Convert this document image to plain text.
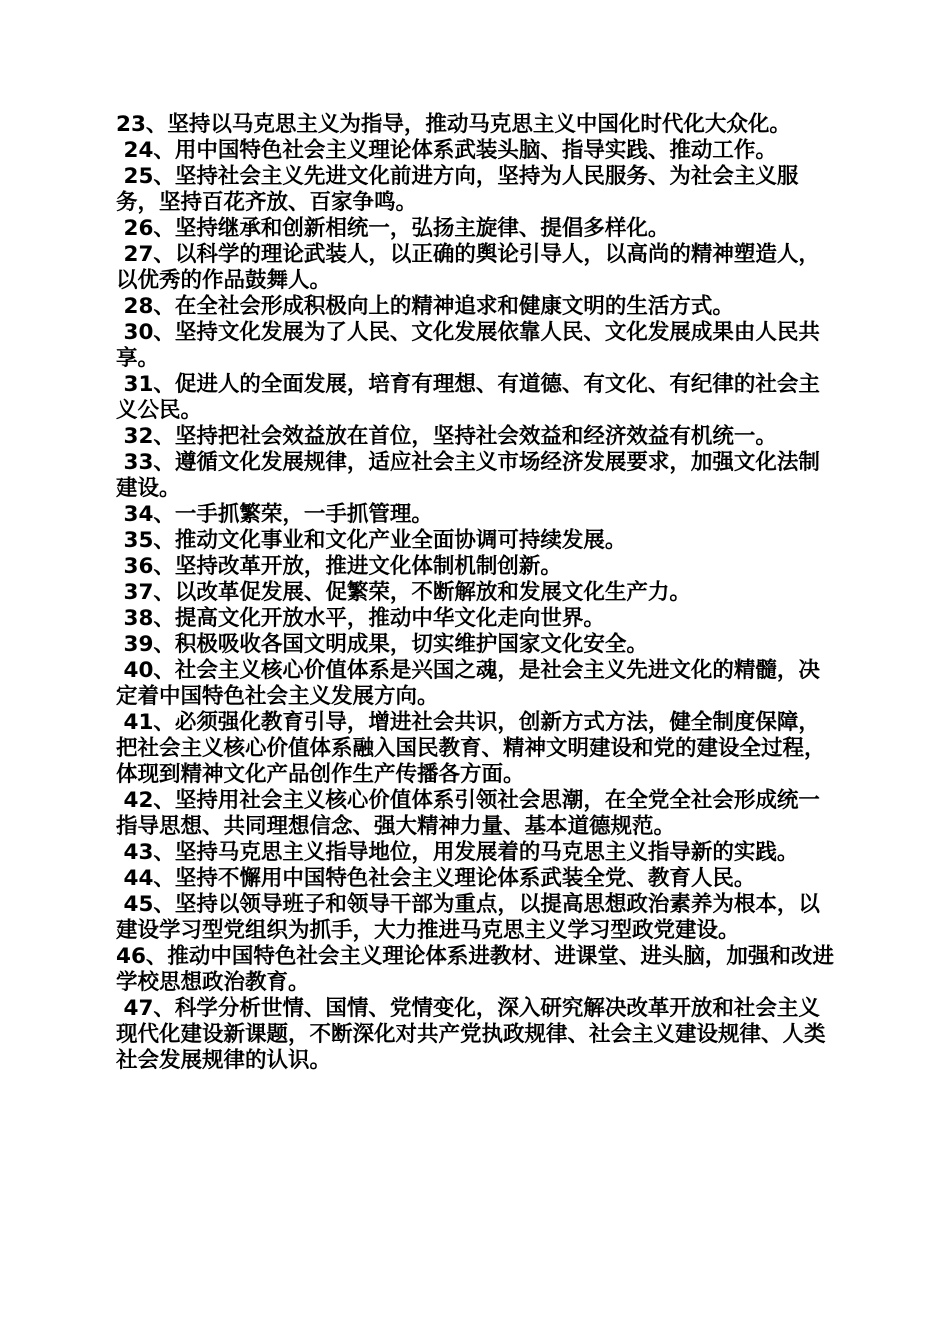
23、坚持以马克思主义为指导，推动马克思主义中国化时代化大众化。

24、用中国特色社会主义理论体系武装头脑、指导实践、推动工作。

25、坚持社会主义先进文化前进方向，坚持为人民服务、为社会主义服务，坚持百花齐放、百家争鸣。

26、坚持继承和创新相统一，弘扬主旋律、提倡多样化。

27、以科学的理论武装人，以正确的舆论引导人，以高尚的精神塑造人，以优秀的作品鼓舞人。

28、在全社会形成积极向上的精神追求和健康文明的生活方式。

30、坚持文化发展为了人民、文化发展依靠人民、文化发展成果由人民共享。

31、促进人的全面发展，培育有理想、有道德、有文化、有纪律的社会主义公民。

32、坚持把社会效益放在首位，坚持社会效益和经济效益有机统一。

33、遵循文化发展规律，适应社会主义市场经济发展要求，加强文化法制建设。

34、一手抓繁荣，一手抓管理。

35、推动文化事业和文化产业全面协调可持续发展。

36、坚持改革开放，推进文化体制机制创新。

37、以改革促发展、促繁荣，不断解放和发展文化生产力。

38、提高文化开放水平，推动中华文化走向世界。

39、积极吸收各国文明成果，切实维护国家文化安全。

40、社会主义核心价值体系是兴国之魂，是社会主义先进文化的精髓，决定着中国特色社会主义发展方向。

41、必须强化教育引导，增进社会共识，创新方式方法，健全制度保障，把社会主义核心价值体系融入国民教育、精神文明建设和党的建设全过程，体现到精神文化产品创作生产传播各方面。

42、坚持用社会主义核心价值体系引领社会思潮，在全党全社会形成统一指导思想、共同理想信念、强大精神力量、基本道德规范。

43、坚持马克思主义指导地位，用发展着的马克思主义指导新的实践。

44、坚持不懈用中国特色社会主义理论体系武装全党、教育人民。

45、坚持以领导班子和领导干部为重点，以提高思想政治素养为根本，以建设学习型党组织为抓手，大力推进马克思主义学习型政党建设。

46、推动中国特色社会主义理论体系进教材、进课堂、进头脑，加强和改进学校思想政治教育。

47、科学分析世情、国情、党情变化，深入研究解决改革开放和社会主义现代化建设新课题，不断深化对共产党执政规律、社会主义建设规律、人类社会发展规律的认识。
